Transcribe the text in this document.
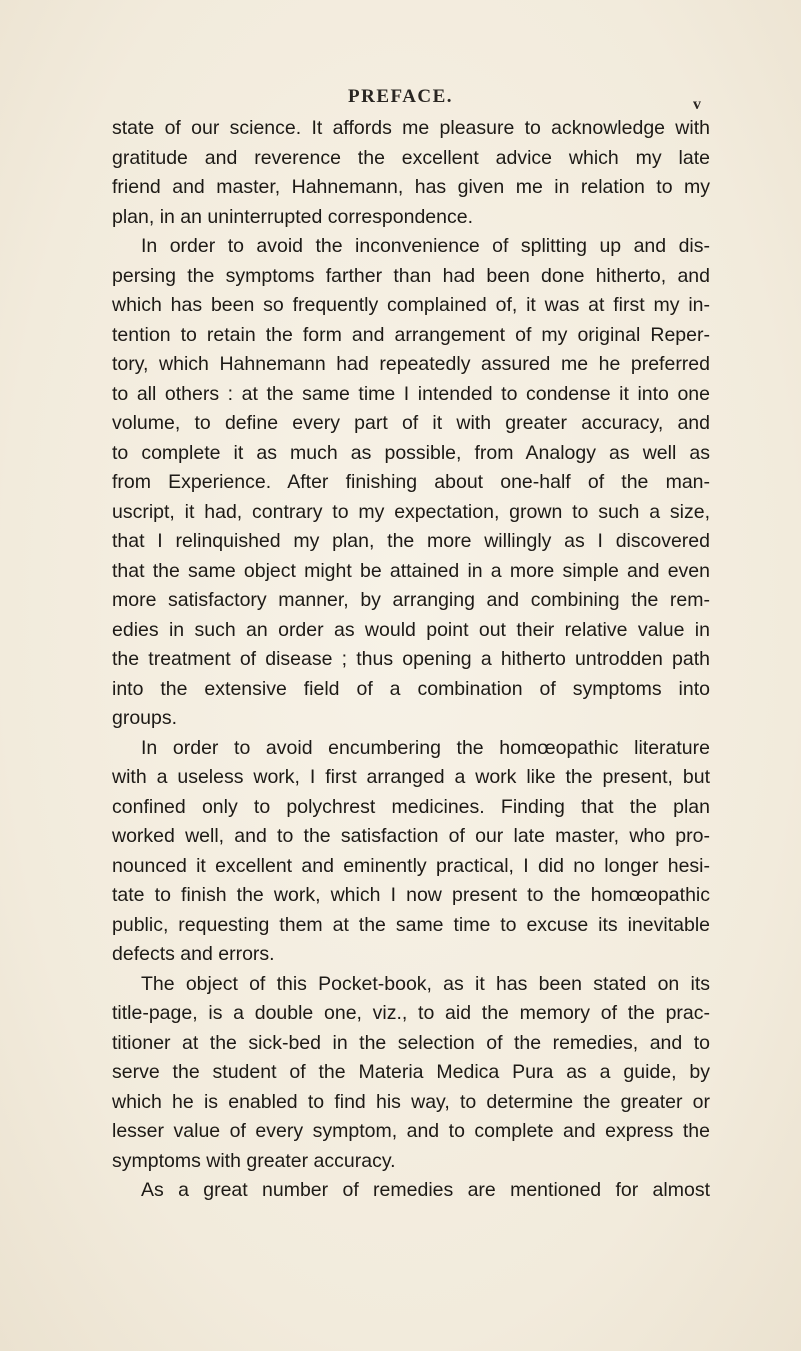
PREFACE.	v
state of our science. It affords me pleasure to acknowledge with
gratitude and reverence the excellent advice which my late
friend and master, Hahnemann, has given me in relation to my
plan, in an uninterrupted correspondence.
In order to avoid the inconvenience of splitting up and dis-
persing the symptoms farther than had been done hitherto, and
which has been so frequently complained of, it was at first my in-
tention to retain the form and arrangement of my original Reper-
tory, which Hahnemann had repeatedly assured me he preferred
to all others : at the same time I intended to condense it into one
volume, to define every part of it with greater accuracy, and
to complete it as much as possible, from Analogy as well as
from Experience. After finishing about one-half of the man-
uscript, it had, contrary to my expectation, grown to such a size,
that I relinquished my plan, the more willingly as I discovered
that the same object might be attained in a more simple and even
more satisfactory manner, by arranging and combining the rem-
edies in such an order as would point out their relative value in
the treatment of disease ; thus opening a hitherto untrodden path
into the extensive field of a combination of symptoms into
groups.
In order to avoid encumbering the homœopathic literature
with a useless work, I first arranged a work like the present, but
confined only to polychrest medicines. Finding that the plan
worked well, and to the satisfaction of our late master, who pro-
nounced it excellent and eminently practical, I did no longer hesi-
tate to finish the work, which I now present to the homœopathic
public, requesting them at the same time to excuse its inevitable
defects and errors.
The object of this Pocket-book, as it has been stated on its
title-page, is a double one, viz., to aid the memory of the prac-
titioner at the sick-bed in the selection of the remedies, and to
serve the student of the Materia Medica Pura as a guide, by
which he is enabled to find his way, to determine the greater or
lesser value of every symptom, and to complete and express the
symptoms with greater accuracy.
As a great number of remedies are mentioned for almost
